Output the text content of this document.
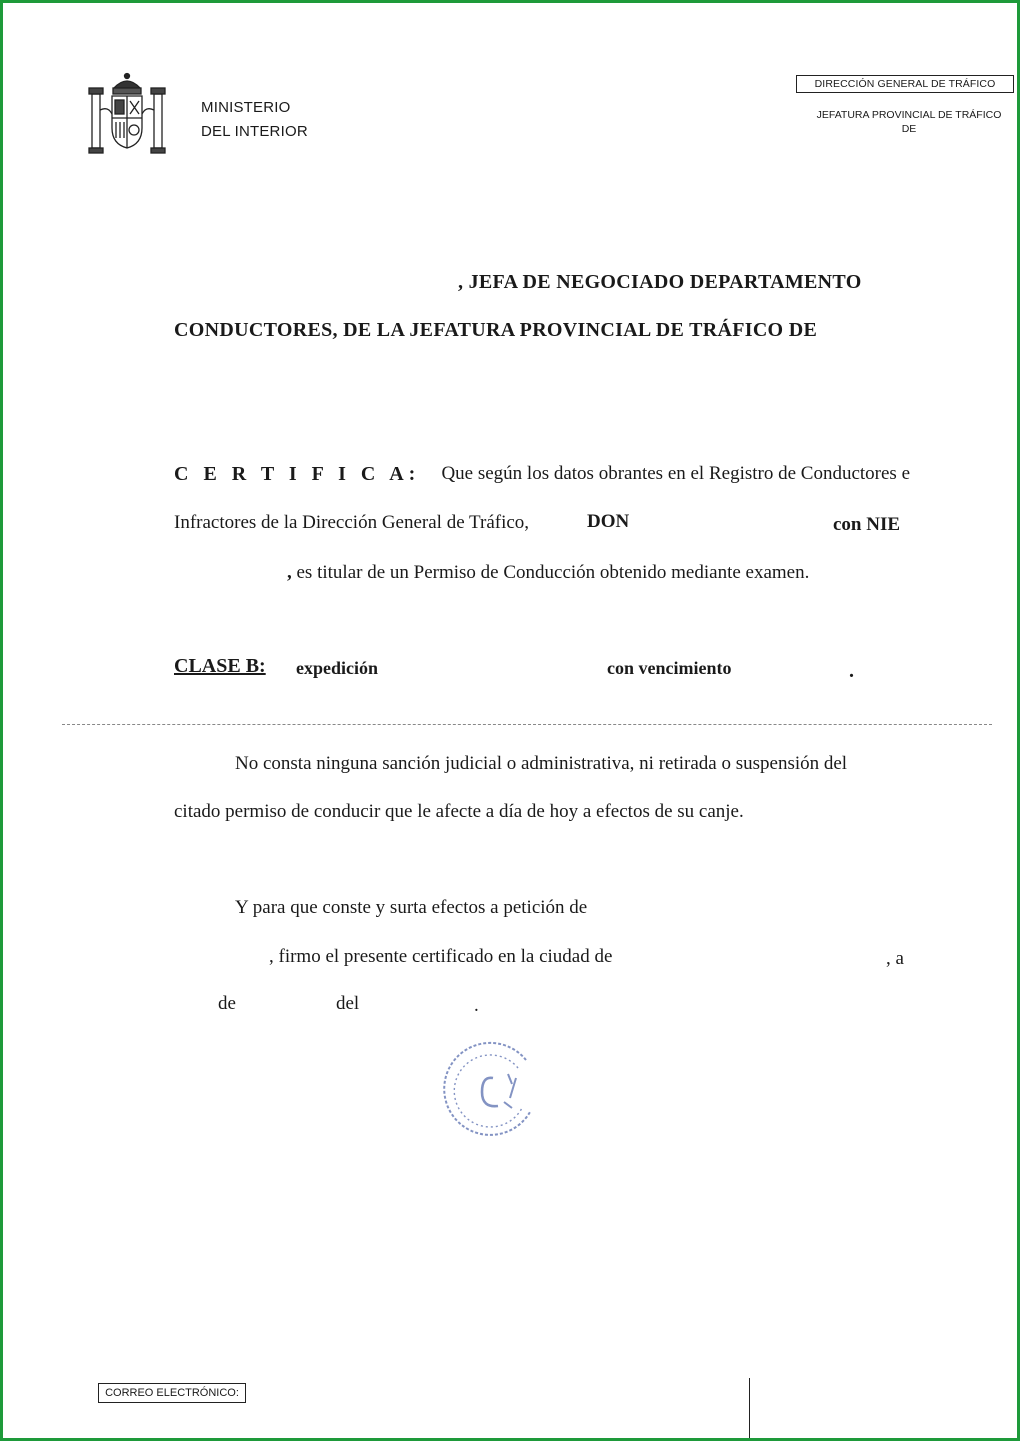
MINISTERIO
DEL INTERIOR
DIRECCIÓN GENERAL DE TRÁFICO
JEFATURA PROVINCIAL DE TRÁFICO
DE
, JEFA DE NEGOCIADO DEPARTAMENTO
CONDUCTORES, DE LA JEFATURA PROVINCIAL DE TRÁFICO DE
C E R T I F I C A: Que según los datos obrantes en el Registro de Conductores e
Infractores de la Dirección General de Tráfico,	DON	con NIE
, es titular de un Permiso de Conducción obtenido mediante examen.
CLASE B: expedición	con vencimiento	.
No consta ninguna sanción judicial o administrativa, ni retirada o suspensión del
citado permiso de conducir que le afecte a día de hoy a efectos de su canje.
Y para que conste y surta efectos a petición de
, firmo el presente certificado en la ciudad de	, a
de	del	.
CORREO ELECTRÓNICO:
